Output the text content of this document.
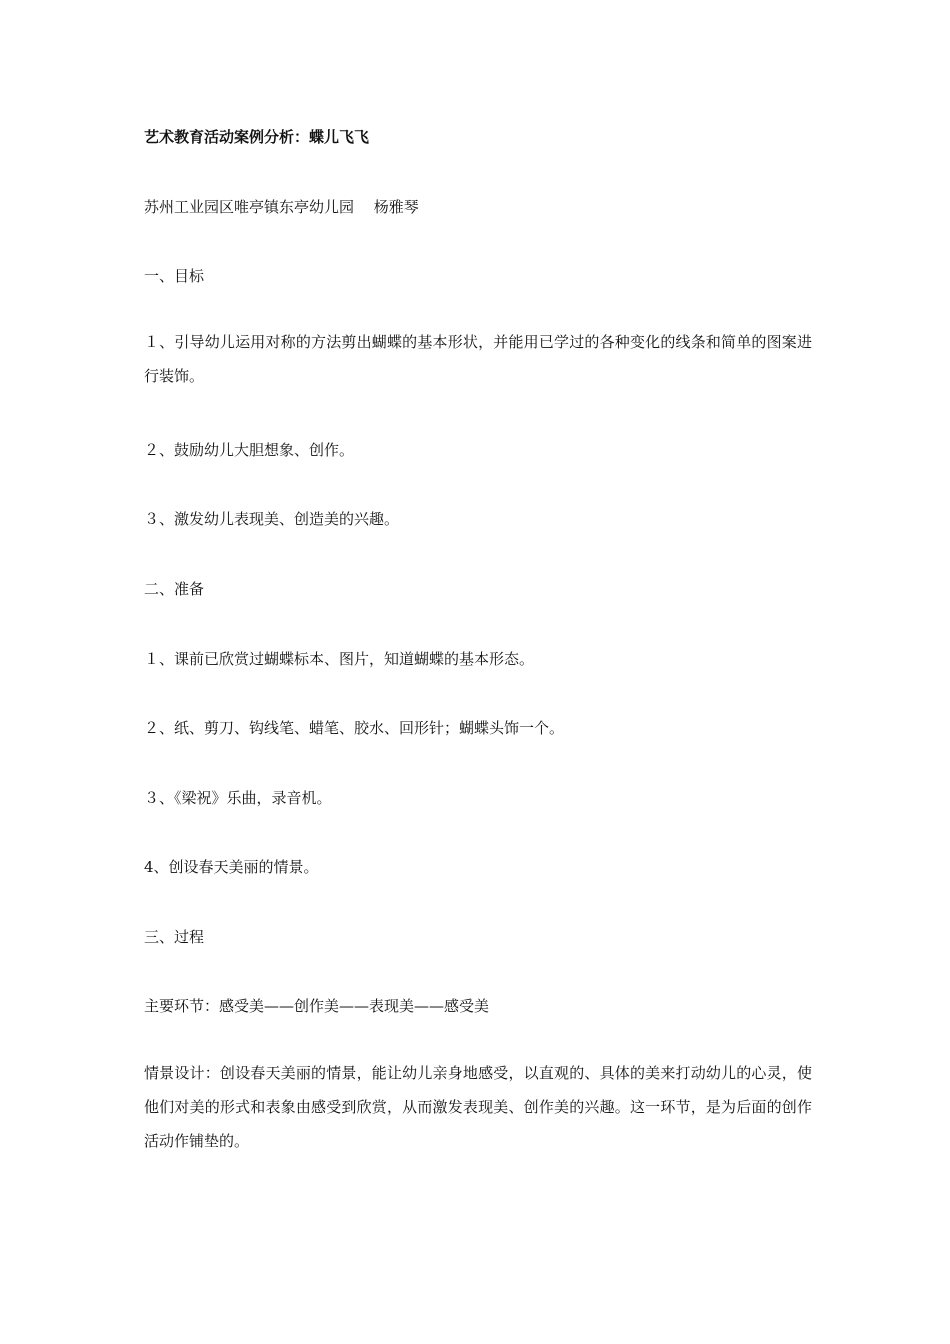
艺术教育活动案例分析：蝶儿飞飞
苏州工业园区唯亭镇东亭幼儿园　 杨雅琴
一、目标
１、引导幼儿运用对称的方法剪出蝴蝶的基本形状，并能用已学过的各种变化的线条和简单的图案进行装饰。
２、鼓励幼儿大胆想象、创作。
３、激发幼儿表现美、创造美的兴趣。
二、准备
１、课前已欣赏过蝴蝶标本、图片，知道蝴蝶的基本形态。
２、纸、剪刀、钩线笔、蜡笔、胶水、回形针；蝴蝶头饰一个。
３、《梁祝》乐曲，录音机。
4、创设春天美丽的情景。
三、过程
主要环节：感受美——创作美——表现美——感受美
情景设计：创设春天美丽的情景，能让幼儿亲身地感受，以直观的、具体的美来打动幼儿的心灵，使他们对美的形式和表象由感受到欣赏，从而激发表现美、创作美的兴趣。这一环节，是为后面的创作活动作铺垫的。
